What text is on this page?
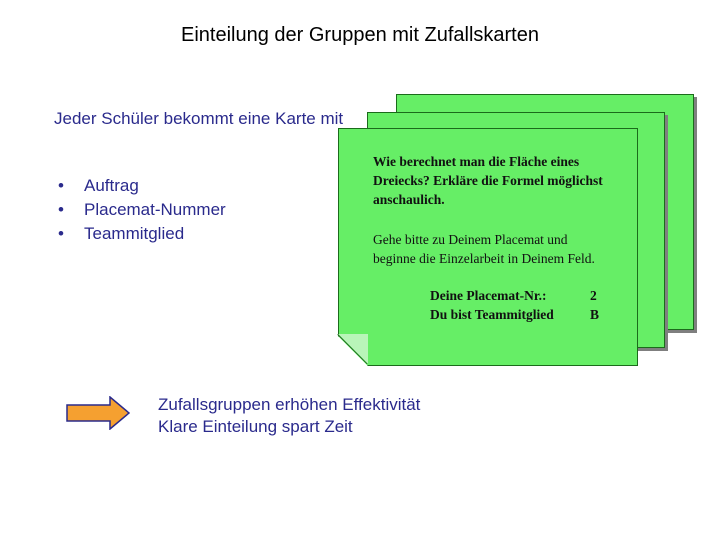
Einteilung der Gruppen mit Zufallskarten
Jeder Schüler bekommt eine Karte mit
•	Auftrag
•	Placemat-Nummer
•	Teammitglied
Wie berechnet man die Fläche eines Dreiecks? Erkläre die Formel möglichst anschaulich.
Gehe bitte zu Deinem Placemat und beginne die Einzelarbeit in Deinem Feld.
Deine Placemat-Nr.:	2
Du bist Teammitglied	B
Zufallsgruppen erhöhen Effektivität
Klare Einteilung spart Zeit
